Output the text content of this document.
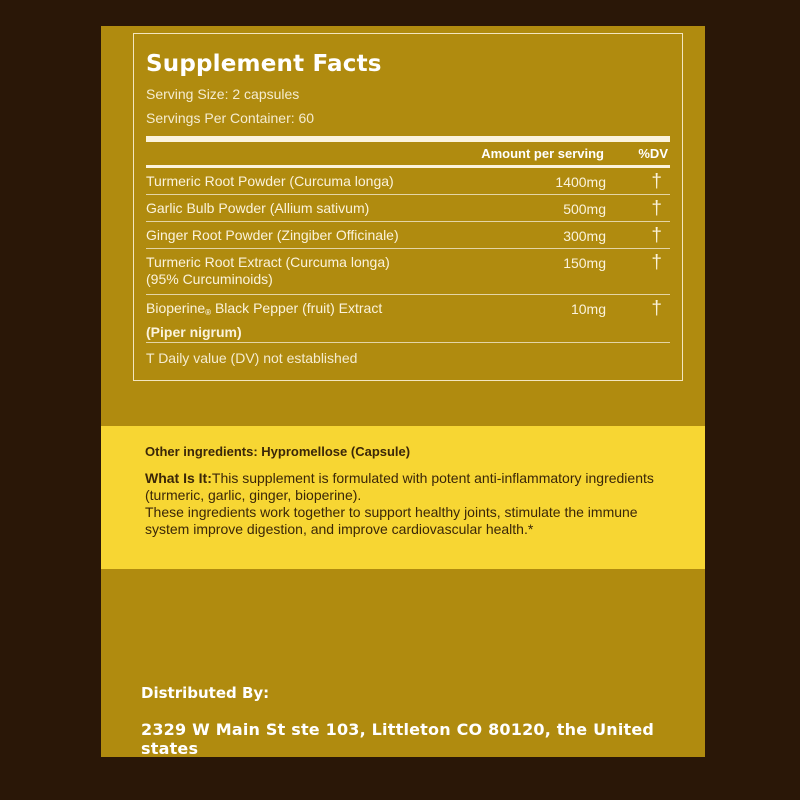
Supplement Facts
Serving Size: 2 capsules
Servings Per Container: 60
Amount per serving	%DV
Turmeric Root Powder (Curcuma longa)	1400mg	†
Garlic Bulb Powder (Allium sativum)	500mg	†
Ginger Root Powder (Zingiber Officinale)	300mg	†
Turmeric Root Extract (Curcuma longa)
(95% Curcuminoids)
150mg	†
Bioperine® Black Pepper (fruit) Extract
(Piper nigrum)
10mg	†
T Daily value (DV) not established
Other ingredients: Hypromellose (Capsule)
What Is It:This supplement is formulated with potent anti-inflammatory ingredients (turmeric, garlic, ginger, bioperine).
These ingredients work together to support healthy joints, stimulate the immune system improve digestion, and improve cardiovascular health.*
Distributed By:
2329 W Main St ste 103, Littleton CO 80120, the United states
